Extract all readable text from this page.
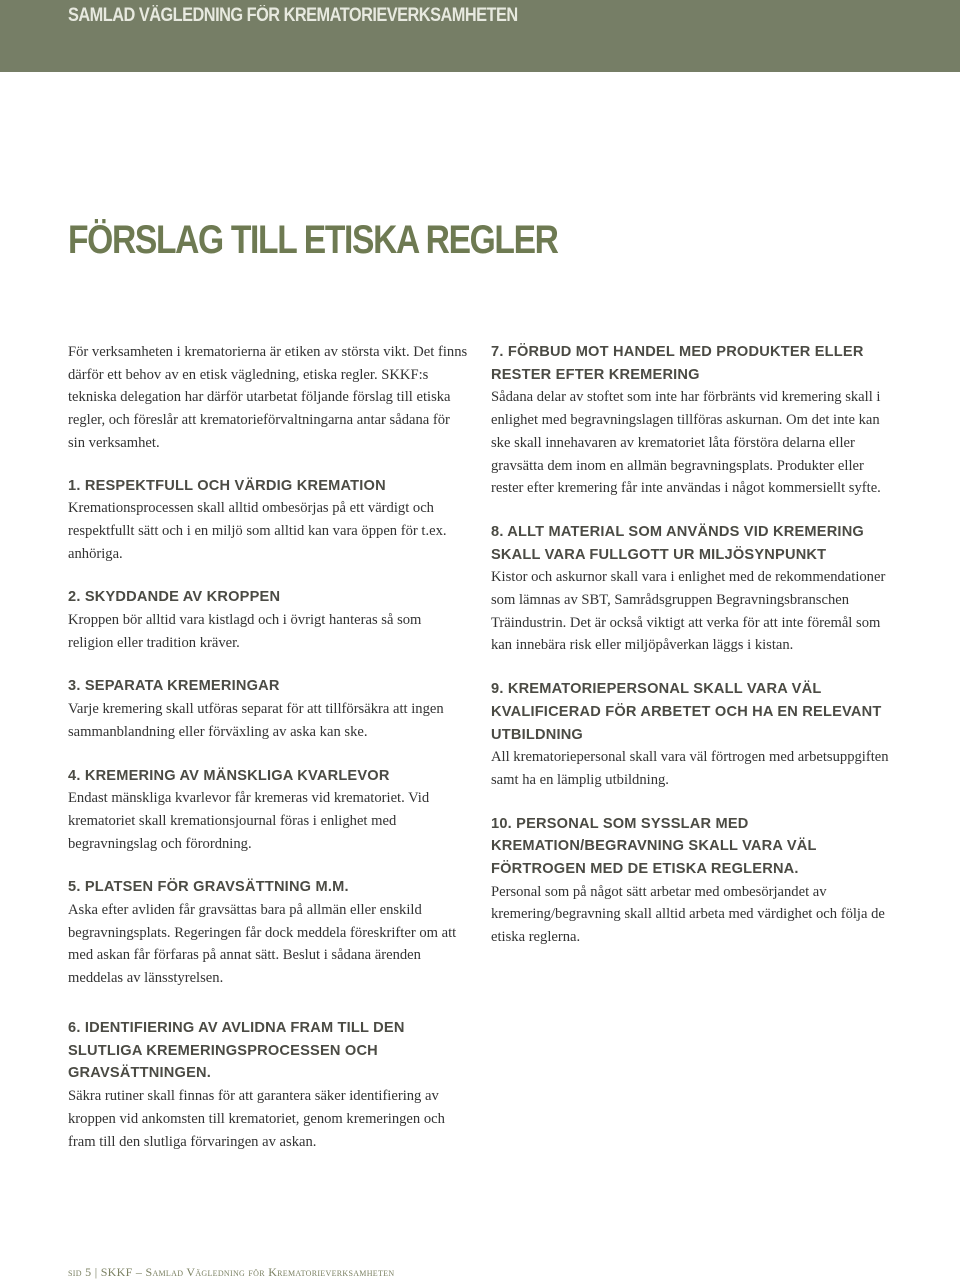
SAMLAD VÄGLEDNING FÖR KREMATORIEVERKSAMHETEN
FÖRSLAG TILL ETISKA REGLER

För verksamheten i krematorierna är etiken av största vikt. Det finns därför ett behov av en etisk vägledning, etiska regler. SKKF:s tekniska delegation har därför utarbetat följande förslag till etiska regler, och föreslår att krematorieförvaltningarna antar sådana för sin verksamhet.

1. RESPEKTFULL OCH VÄRDIG KREMATION

Kremationsprocessen skall alltid ombesörjas på ett värdigt och respektfullt sätt och i en miljö som alltid kan vara öppen för t.ex. anhöriga.

2. SKYDDANDE AV KROPPEN

Kroppen bör alltid vara kistlagd och i övrigt hanteras så som religion eller tradition kräver.

3. SEPARATA KREMERINGAR

Varje kremering skall utföras separat för att tillförsäkra att ingen sammanblandning eller förväxling av aska kan ske.

4. KREMERING AV MÄNSKLIGA KVARLEVOR

Endast mänskliga kvarlevor får kremeras vid krematoriet. Vid krematoriet skall kremationsjournal föras i enlighet med begravningslag och förordning.

5. PLATSEN FÖR GRAVSÄTTNING M.M.

Aska efter avliden får gravsättas bara på allmän eller enskild begravningsplats. Regeringen får dock meddela föreskrifter om att med askan får förfaras på annat sätt. Beslut i sådana ärenden meddelas av länsstyrelsen.

6. IDENTIFIERING AV AVLIDNA FRAM TILL DEN SLUTLIGA KREMERINGSPROCESSEN OCH GRAVSÄTTNINGEN.

Säkra rutiner skall finnas för att garantera säker identifiering av kroppen vid ankomsten till krematoriet, genom kremeringen och fram till den slutliga förvaringen av askan.

7. FÖRBUD MOT HANDEL MED PRODUKTER ELLER RESTER EFTER KREMERING

Sådana delar av stoftet som inte har förbränts vid kremering skall i enlighet med begravningslagen tillföras askurnan. Om det inte kan ske skall innehavaren av krematoriet låta förstöra delarna eller gravsätta dem inom en allmän begravningsplats. Produkter eller rester efter kremering får inte användas i något kommersiellt syfte.

8. ALLT MATERIAL SOM ANVÄNDS VID KREMERING SKALL VARA FULLGOTT UR MILJÖSYNPUNKT

Kistor och askurnor skall vara i enlighet med de rekommendationer som lämnas av SBT, Samrådsgruppen Begravningsbranschen Träindustrin. Det är också viktigt att verka för att inte föremål som kan innebära risk eller miljöpåverkan läggs i kistan.

9. KREMATORIEPERSONAL SKALL VARA VÄL KVALIFICERAD FÖR ARBETET OCH HA EN RELEVANT UTBILDNING

All krematoriepersonal skall vara väl förtrogen med arbetsuppgiften samt ha en lämplig utbildning.

10. PERSONAL SOM SYSSLAR MED KREMATION/BEGRAVNING SKALL VARA VÄL FÖRTROGEN MED DE ETISKA REGLERNA.

Personal som på något sätt arbetar med ombesörjandet av kremering/begravning skall alltid arbeta med värdighet och följa de etiska reglerna.

sid 5 | SKKF – Samlad Vägledning för Krematorieverksamheten
